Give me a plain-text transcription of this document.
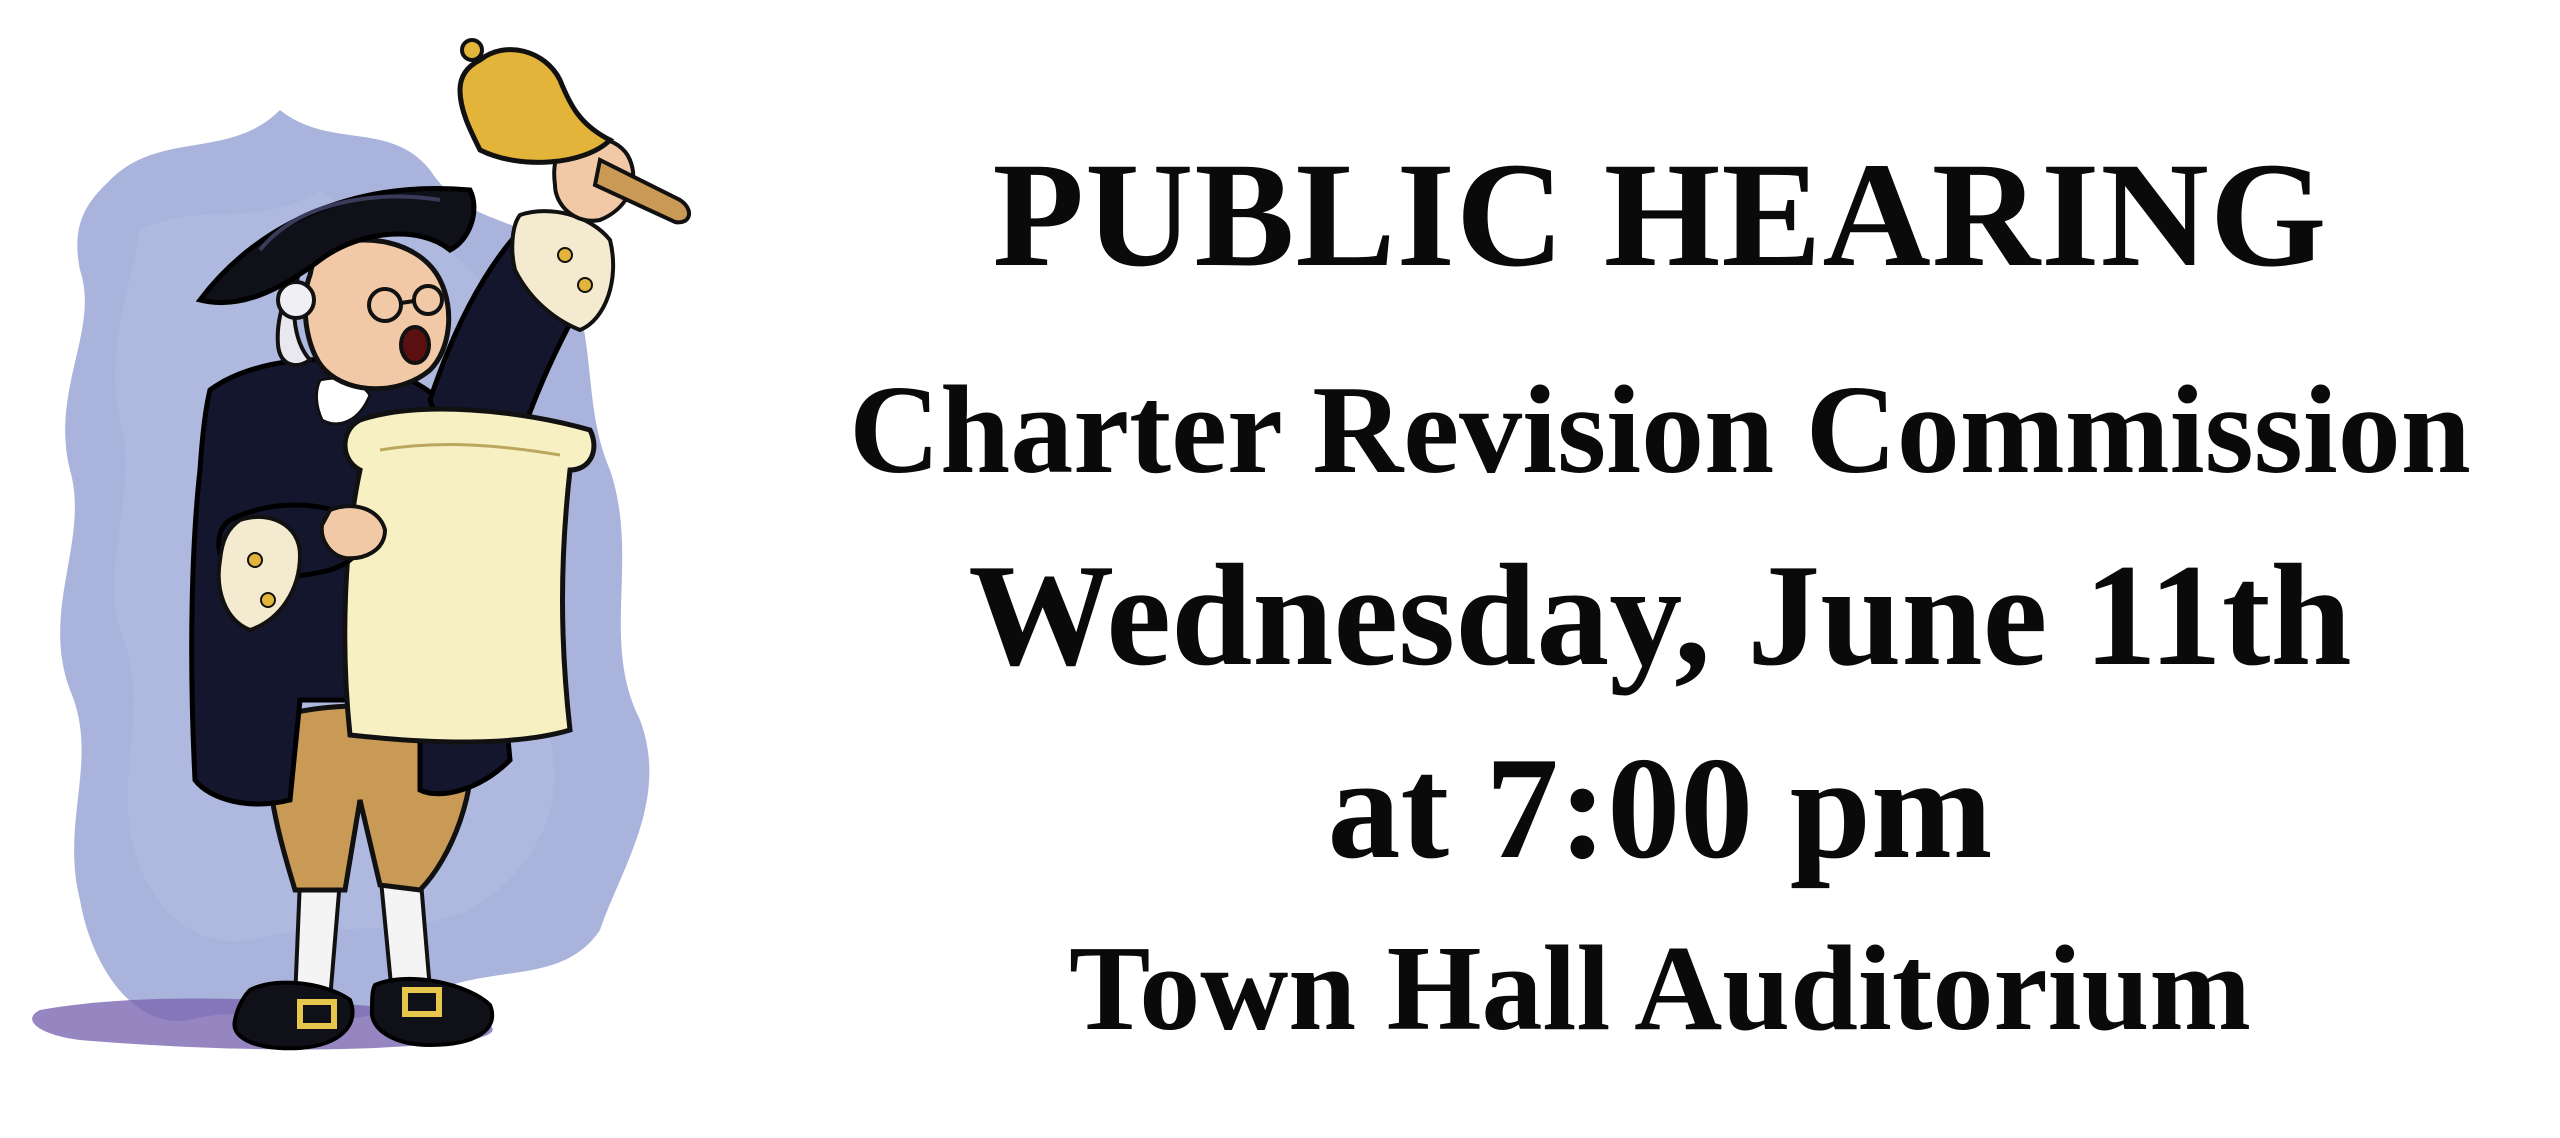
PUBLIC HEARING
Charter Revision Commission
Wednesday, June 11th
at 7:00 pm
Town Hall Auditorium
